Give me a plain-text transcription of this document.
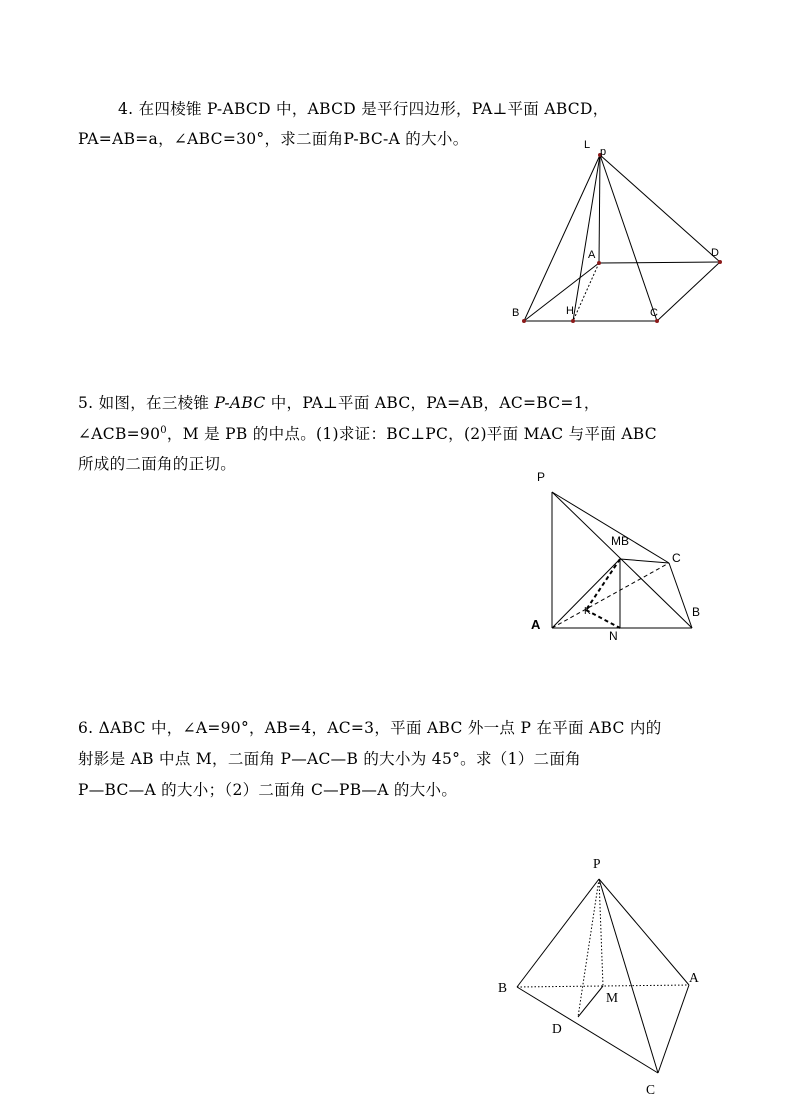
4. 在四棱锥 P-ABCD 中，ABCD 是平行四边形，PA⊥平面 ABCD，
PA=AB=a，∠ABC=30°，求二面角P-BC-A 的大小。
5. 如图，在三棱锥 P-ABC 中，PA⊥平面 ABC，PA=AB，AC=BC=1，
$\angle ACB=90^0$，M 是 PB 的中点。(1)求证：BC⊥PC，(2)平面 MAC 与平面 ABC
所成的二面角的正切。
6. ΔABC 中，∠A=90°，AB=4，AC=3，平面 ABC 外一点 P 在平面 ABC 内的
射影是 AB 中点 M，二面角 P—AC—B 的大小为 45°。求（1）二面角
P—BC—A 的大小；（2）二面角 C—PB—A 的大小。
L
p
A	D
B	H	C
P
MB
C
K	B
A
N
P
B
A
M
D
C
